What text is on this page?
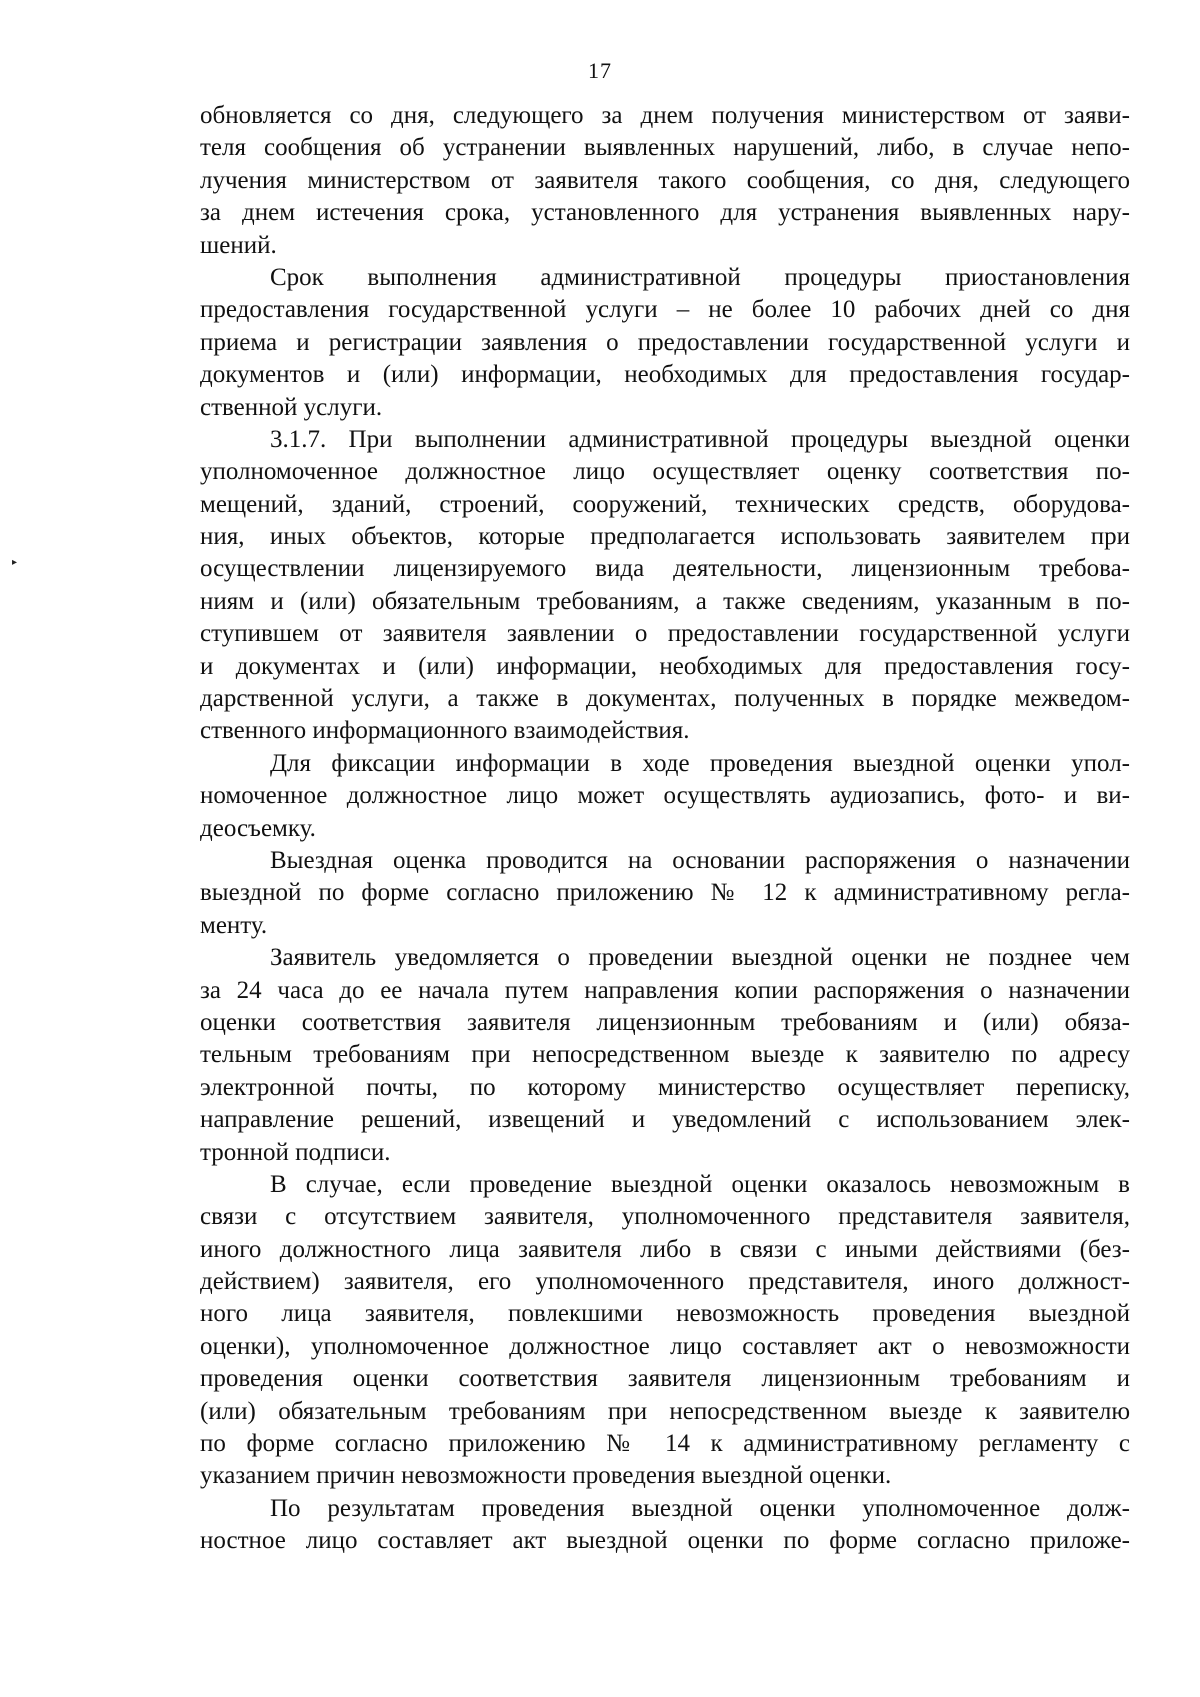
17
▸
обновляется со дня, следующего за днем получения министерством от заяви-
теля сообщения об устранении выявленных нарушений, либо, в случае непо-
лучения министерством от заявителя такого сообщения, со дня, следующего
за днем истечения срока, установленного для устранения выявленных нару-
шений.
Срок выполнения административной процедуры приостановления
предоставления государственной услуги – не более 10 рабочих дней со дня
приема и регистрации заявления о предоставлении государственной услуги и
документов и (или) информации, необходимых для предоставления государ-
ственной услуги.
3.1.7. При выполнении административной процедуры выездной оценки
уполномоченное должностное лицо осуществляет оценку соответствия по-
мещений, зданий, строений, сооружений, технических средств, оборудова-
ния, иных объектов, которые предполагается использовать заявителем при
осуществлении лицензируемого вида деятельности, лицензионным требова-
ниям и (или) обязательным требованиям, а также сведениям, указанным в по-
ступившем от заявителя заявлении о предоставлении государственной услуги
и документах и (или) информации, необходимых для предоставления госу-
дарственной услуги, а также в документах, полученных в порядке межведом-
ственного информационного взаимодействия.
Для фиксации информации в ходе проведения выездной оценки упол-
номоченное должностное лицо может осуществлять аудиозапись, фото- и ви-
деосъемку.
Выездная оценка проводится на основании распоряжения о назначении
выездной по форме согласно приложению № 12 к административному регла-
менту.
Заявитель уведомляется о проведении выездной оценки не позднее чем
за 24 часа до ее начала путем направления копии распоряжения о назначении
оценки соответствия заявителя лицензионным требованиям и (или) обяза-
тельным требованиям при непосредственном выезде к заявителю по адресу
электронной почты, по которому министерство осуществляет переписку,
направление решений, извещений и уведомлений с использованием элек-
тронной подписи.
В случае, если проведение выездной оценки оказалось невозможным в
связи с отсутствием заявителя, уполномоченного представителя заявителя,
иного должностного лица заявителя либо в связи с иными действиями (без-
действием) заявителя, его уполномоченного представителя, иного должност-
ного лица заявителя, повлекшими невозможность проведения выездной
оценки), уполномоченное должностное лицо составляет акт о невозможности
проведения оценки соответствия заявителя лицензионным требованиям и
(или) обязательным требованиям при непосредственном выезде к заявителю
по форме согласно приложению № 14 к административному регламенту с
указанием причин невозможности проведения выездной оценки.
По результатам проведения выездной оценки уполномоченное долж-
ностное лицо составляет акт выездной оценки по форме согласно приложе-
